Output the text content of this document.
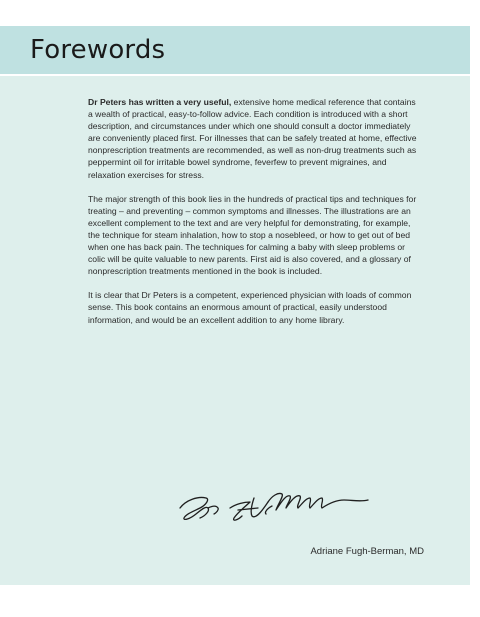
Forewords

Dr Peters has written a very useful, extensive home medical reference that contains a wealth of practical, easy-to-follow advice. Each condition is introduced with a short description, and circumstances under which one should consult a doctor immediately are conveniently placed first. For illnesses that can be safely treated at home, effective nonprescription treatments are recommended, as well as non-drug treatments such as peppermint oil for irritable bowel syndrome, feverfew to prevent migraines, and relaxation exercises for stress.

The major strength of this book lies in the hundreds of practical tips and techniques for treating – and preventing – common symptoms and illnesses. The illustrations are an excellent complement to the text and are very helpful for demonstrating, for example, the technique for steam inhalation, how to stop a nosebleed, or how to get out of bed when one has back pain. The techniques for calming a baby with sleep problems or colic will be quite valuable to new parents. First aid is also covered, and a glossary of nonprescription treatments mentioned in the book is included.

It is clear that Dr Peters is a competent, experienced physician with loads of common sense. This book contains an enormous amount of practical, easily understood information, and would be an excellent addition to any home library.

Adriane Fugh-Berman, MD
